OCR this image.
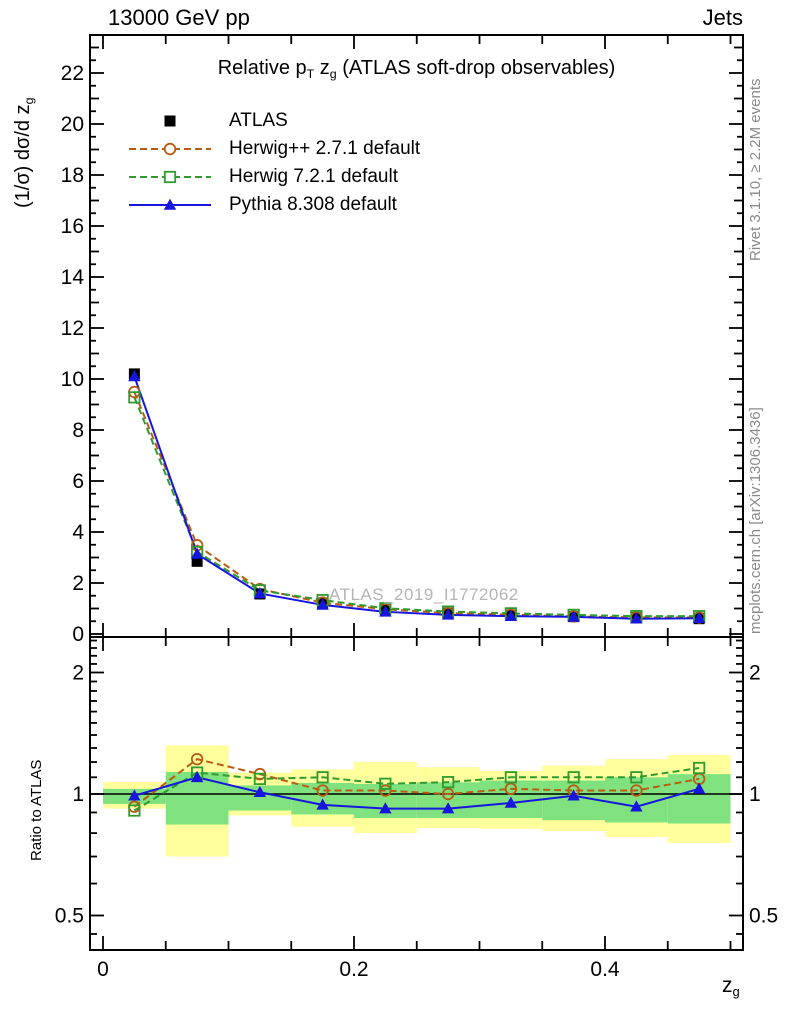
0
2
4
6
8
10
12
14
16
18
20
22
0.5	0.5
1	1
2	2
0	0.2	0.4
13000 GeV pp	Jets
Relative pT zg (ATLAS soft-drop observables)
ATLAS
Herwig++ 2.7.1 default
Herwig 7.2.1 default
Pythia 8.308 default
(1/σ) dσ/d zg
Ratio to ATLAS
zg
Rivet 3.1.10, ≥ 2.2M events
mcplots.cern.ch [arXiv:1306.3436]
ATLAS_2019_I1772062
